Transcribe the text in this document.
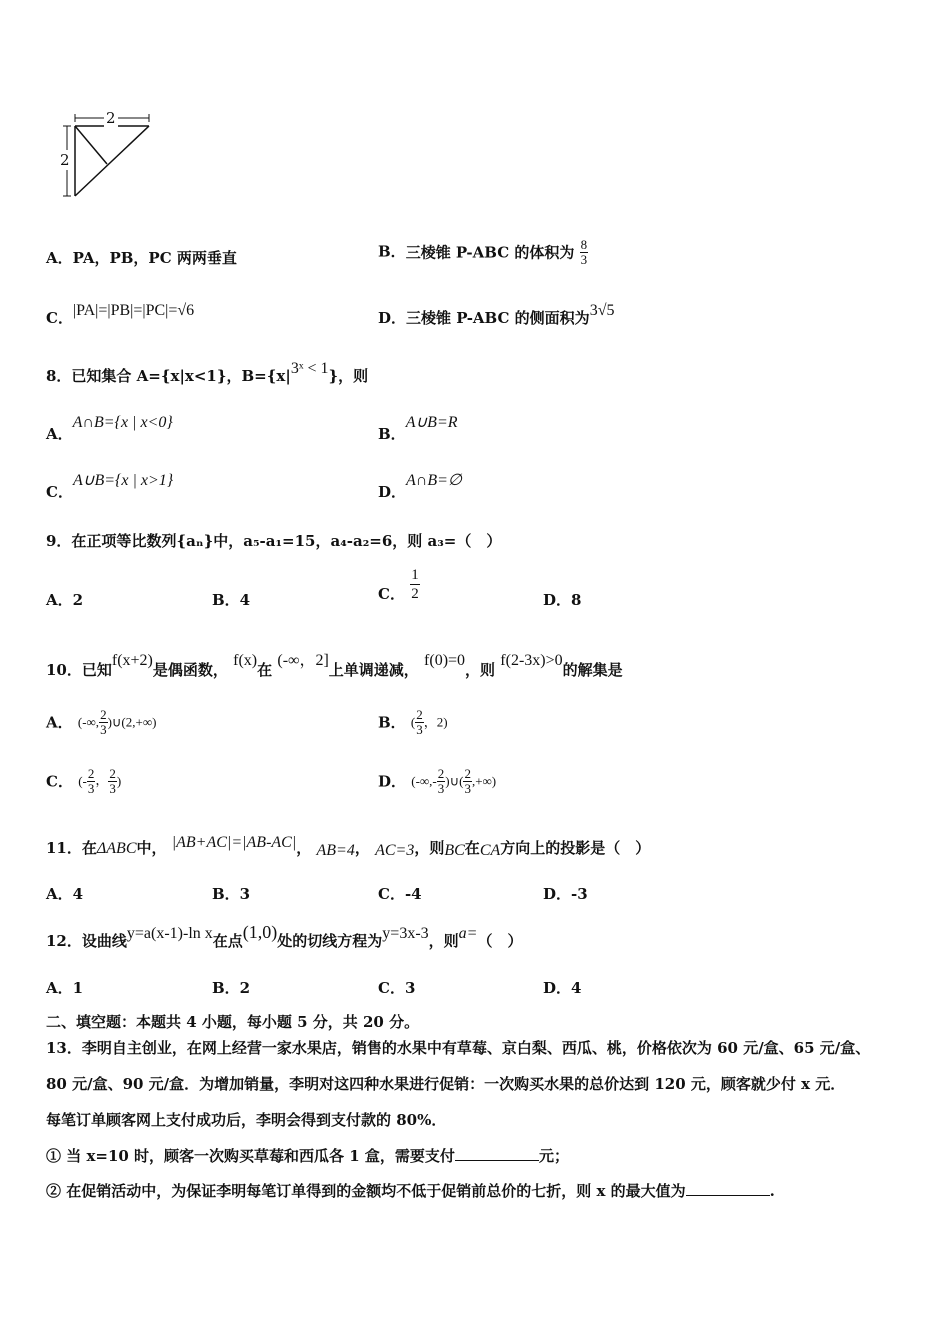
2
2
A．PA，PB，PC 两两垂直	B．三棱锥 P-ABC 的体积为 $\frac{8}{3}$
C．|PA|=|PB|=|PC|=√6	D．三棱锥 P-ABC 的侧面积为3√5
8．已知集合 A={x|x<1}，B={x|3ˣ < 1}，则
A．A∩B={x | x<0}
B．A∪B=R
C．A∪B={x | x>1}
D．A∩B=∅
9．在正项等比数列{aₙ}中，a₅-a₁=15，a₄-a₂=6，则 a₃=（　）
A．2	B．4	C． $\frac{1}{2}$	D．8
10．已知f(x+2)是偶函数， f(x)在 (-∞，2]上单调递减， f(0)=0，则 f(2-3x)>0的解集是
A． (-∞, $\frac{2}{3}$ )∪(2,+∞)	B． ( $\frac{2}{3}$ ，2)
C． (- $\frac{2}{3}$ ， $\frac{2}{3}$ )	D． (-∞,- $\frac{2}{3}$ )∪( $\frac{2}{3}$ ,+∞)
11．在ΔABC中， |AB+AC|=|AB-AC|， AB=4， AC=3，则BC在CA方向上的投影是（　）
A．4	B．3	C．-4	D．-3
12．设曲线y=a(x-1)-ln x在点(1,0)处的切线方程为y=3x-3，则a=（　）
A．1	B．2	C．3	D．4
二、填空题：本题共 4 小题，每小题 5 分，共 20 分。
13．李明自主创业，在网上经营一家水果店，销售的水果中有草莓、京白梨、西瓜、桃，价格依次为 60 元/盒、65 元/盒、
80 元/盒、90 元/盒．为增加销量，李明对这四种水果进行促销：一次购买水果的总价达到 120 元，顾客就少付 x 元．
每笔订单顾客网上支付成功后，李明会得到支付款的 80%．
① 当 x=10 时，顾客一次购买草莓和西瓜各 1 盒，需要支付	元；
② 在促销活动中，为保证李明每笔订单得到的金额均不低于促销前总价的七折，则 x 的最大值为	.
